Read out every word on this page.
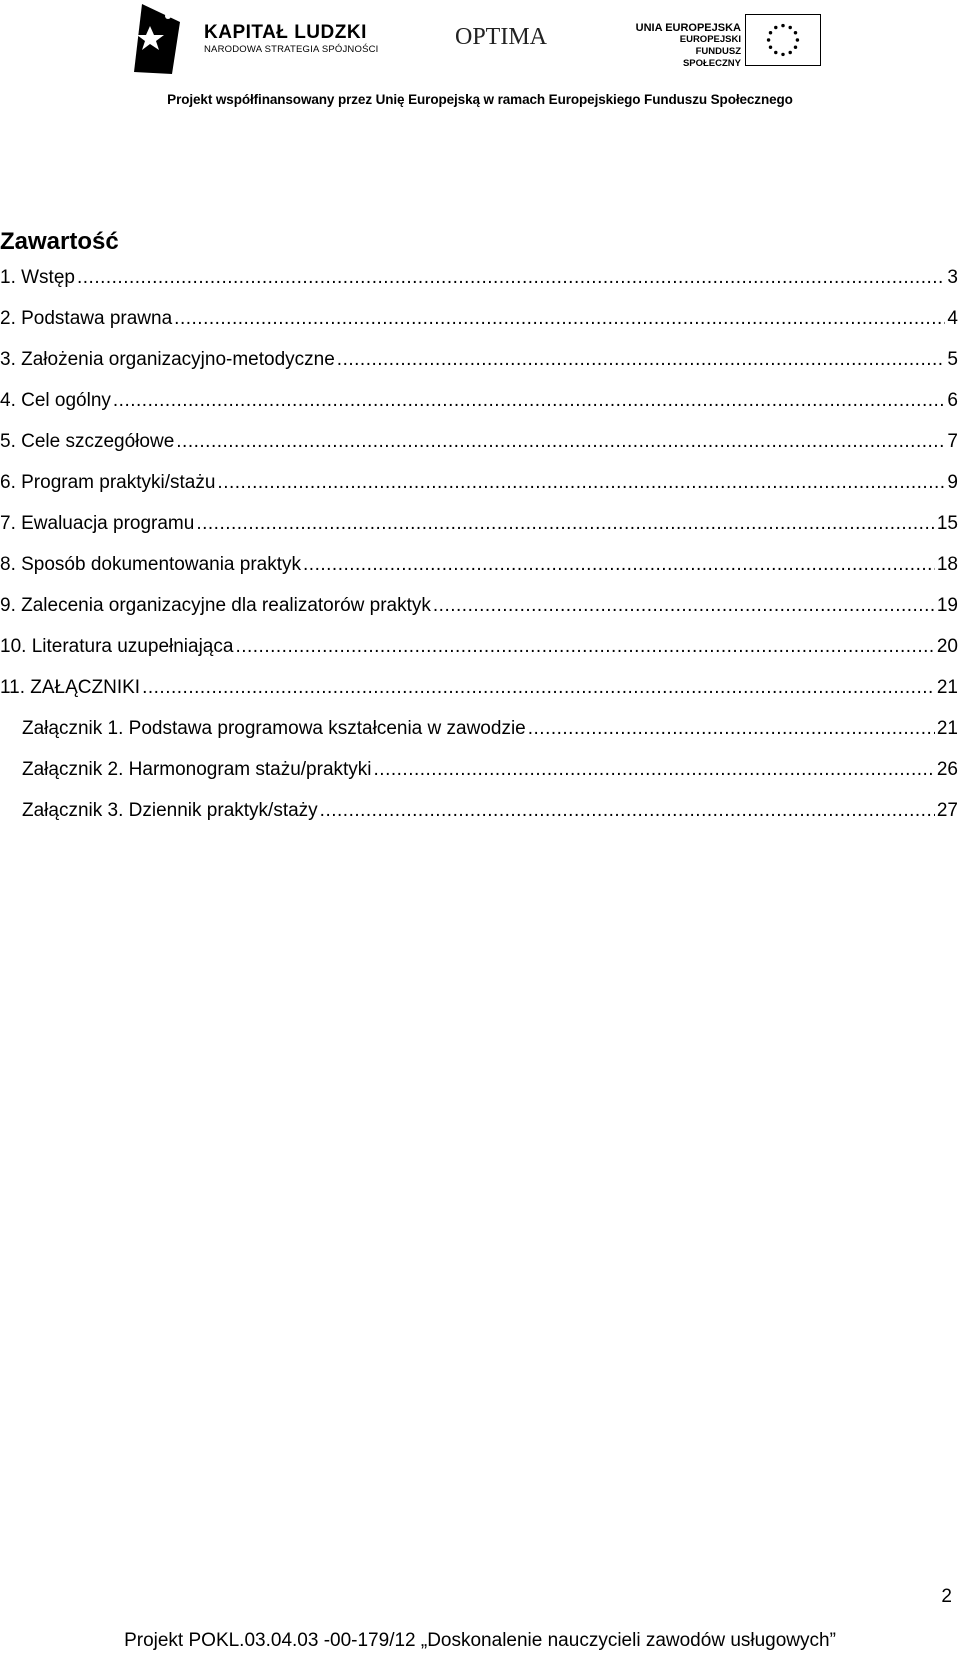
KAPITAŁ LUDZKI
NARODOWA STRATEGIA SPÓJNOŚCI	OPTIMA	UNIA EUROPEJSKA
EUROPEJSKI
FUNDUSZ SPOŁECZNY
Projekt współfinansowany przez Unię Europejską w ramach Europejskiego Funduszu Społecznego
Zawartość
1. Wstęp .....	3
2. Podstawa prawna .....	4
3. Założenia organizacyjno-metodyczne .....	5
4. Cel ogólny .....	6
5. Cele szczegółowe .....	7
6. Program praktyki/stażu .....	9
7. Ewaluacja programu .....	15
8. Sposób dokumentowania praktyk .....	18
9. Zalecenia organizacyjne dla realizatorów praktyk .....	19
10. Literatura uzupełniająca .....	20
11. ZAŁĄCZNIKI .....	21
Załącznik 1. Podstawa programowa kształcenia w zawodzie .....	21
Załącznik 2. Harmonogram stażu/praktyki .....	26
Załącznik 3. Dziennik praktyk/staży .....	27
2
Projekt POKL.03.04.03 -00-179/12 „Doskonalenie nauczycieli zawodów usługowych”
